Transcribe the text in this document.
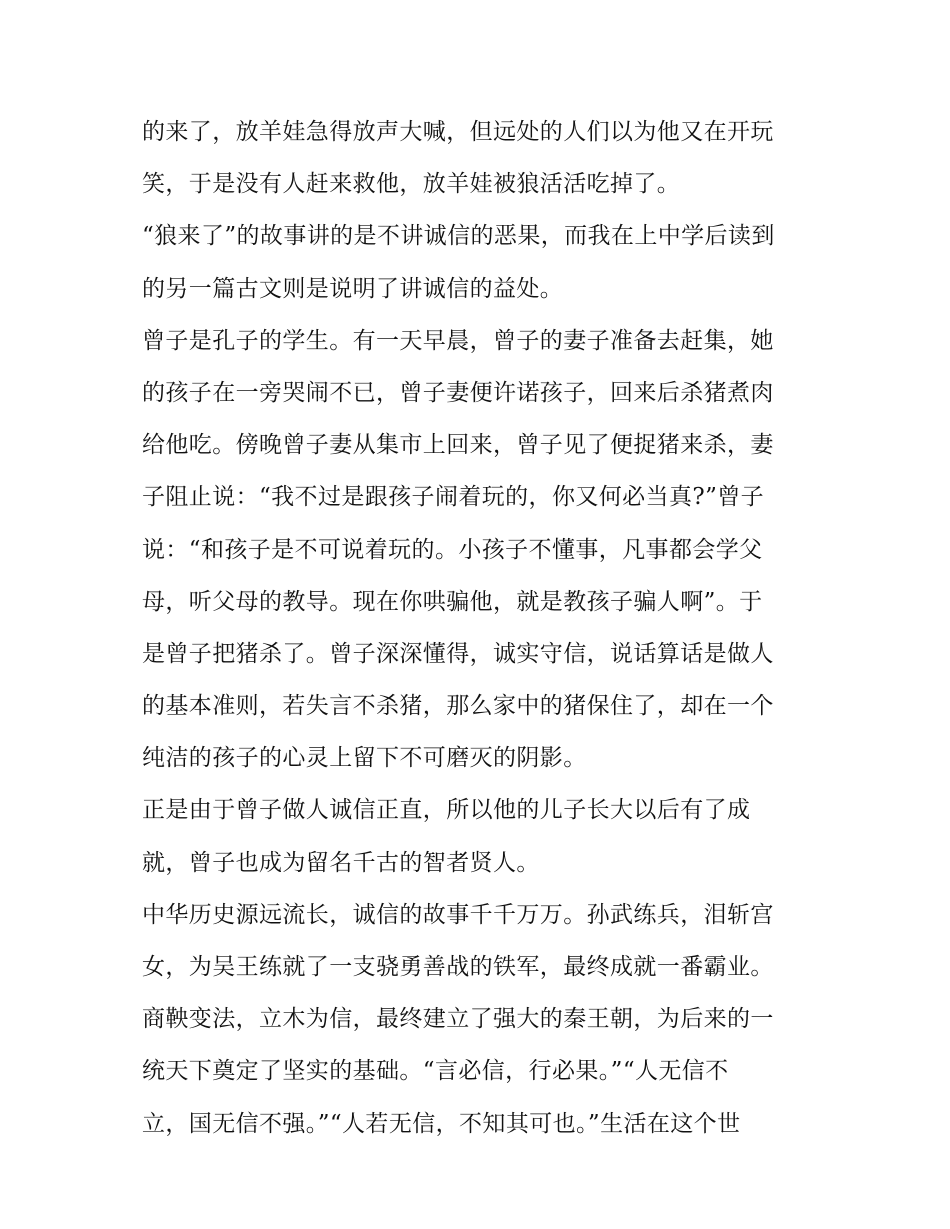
的来了，放羊娃急得放声大喊，但远处的人们以为他又在开玩
笑，于是没有人赶来救他，放羊娃被狼活活吃掉了。
“狼来了”的故事讲的是不讲诚信的恶果，而我在上中学后读到
的另一篇古文则是说明了讲诚信的益处。
曾子是孔子的学生。有一天早晨，曾子的妻子准备去赶集，她
的孩子在一旁哭闹不已，曾子妻便许诺孩子，回来后杀猪煮肉
给他吃。傍晚曾子妻从集市上回来，曾子见了便捉猪来杀，妻
子阻止说：“我不过是跟孩子闹着玩的，你又何必当真?”曾子
说：“和孩子是不可说着玩的。小孩子不懂事，凡事都会学父
母，听父母的教导。现在你哄骗他，就是教孩子骗人啊”。于
是曾子把猪杀了。曾子深深懂得，诚实守信，说话算话是做人
的基本准则，若失言不杀猪，那么家中的猪保住了，却在一个
纯洁的孩子的心灵上留下不可磨灭的阴影。
正是由于曾子做人诚信正直，所以他的儿子长大以后有了成
就，曾子也成为留名千古的智者贤人。
中华历史源远流长，诚信的故事千千万万。孙武练兵，泪斩宫
女，为吴王练就了一支骁勇善战的铁军，最终成就一番霸业。
商鞅变法，立木为信，最终建立了强大的秦王朝，为后来的一
统天下奠定了坚实的基础。“言必信，行必果。”“人无信不
立，国无信不强。”“人若无信，不知其可也。”生活在这个世
